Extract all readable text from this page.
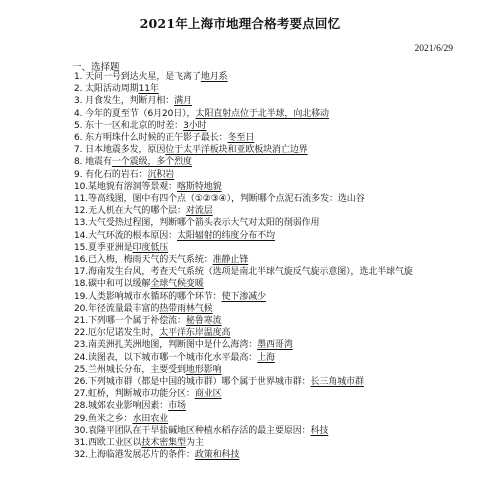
2021年上海市地理合格考要点回忆
2021/6/29
一、选择题
1. 天问一号到达火星，是飞离了地月系
2. 太阳活动周期11年
3. 月食发生，判断月相：满月
4. 今年的夏至节（6月20日），太阳直射点位于北半球，向北移动
5. 东十一区和北京的时差：3小时
6. 东方明珠什么时候的正午影子最长：冬至日
7. 日本地震多发，原因位于太平洋板块和亚欧板块消亡边界
8. 地震有一个震级，多个烈度
9. 有化石的岩石：沉积岩
10.某地貌有溶洞等景观：喀斯特地貌
11.等高线图，图中有四个点（①②③④），判断哪个点泥石流多发：选山谷
12.无人机在大气的哪个层：对流层
13.大气受热过程图，判断哪个箭头表示大气对太阳的削弱作用
14.大气环流的根本原因：太阳辐射的纬度分布不均
15.夏季亚洲是印度低压
16.已入梅，梅雨天气的天气系统：准静止锋
17.海南发生台风，考查天气系统（选项是南北半球气旋反气旋示意图），选北半球气旋
18.碳中和可以缓解全球气候变暖
19.人类影响城市水循环的哪个环节：使下渗减少
20.年径流量最丰富的热带雨林气候
21.下列哪一个属于补偿流：秘鲁寒流
22.厄尔尼诺发生时，太平洋东岸温度高
23.南美洲扎芙洲地图，判断图中是什么海湾：墨西哥湾
24.读图表，以下城市哪一个城市化水平最高：上海
25.兰州城长分布，主要受到地形影响
26.下列城市群（都是中国的城市群）哪个属于世界城市群：长三角城市群
27.虹桥，判断城市功能分区：商业区
28.城郊农业影响因素：市场
29.鱼米之乡：水田农业
30.袁隆平团队在干旱盐碱地区种植水稻存活的最主要原因：科技
31.西欧工业区以技术密集型为主
32.上海临港发展芯片的条件：政策和科技
